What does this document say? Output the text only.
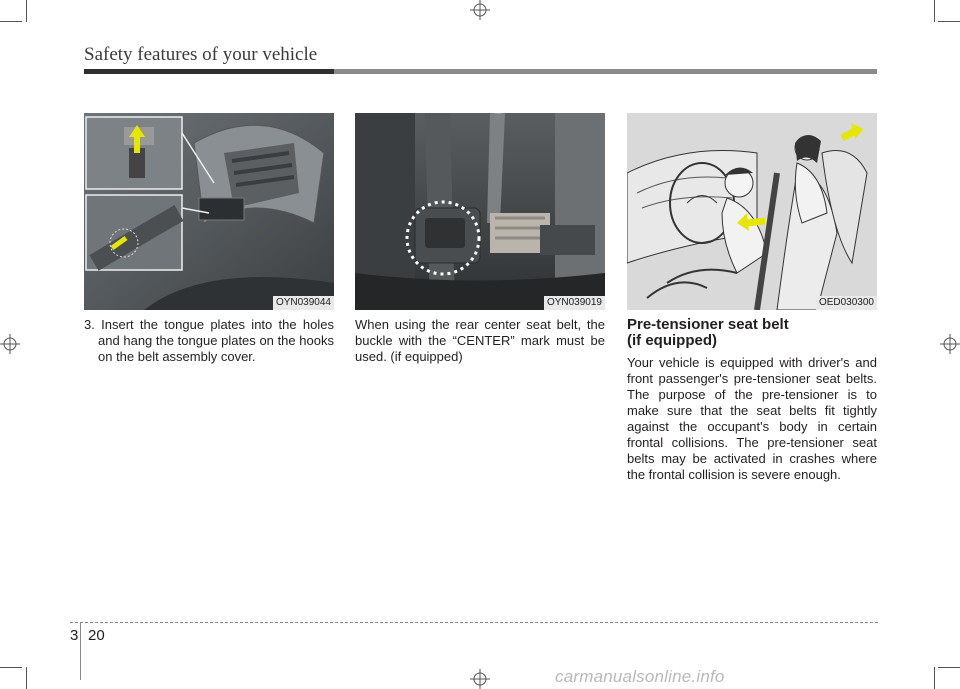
Safety features of your vehicle
OYN039044	OYN039019	OED030300

3. Insert the tongue plates into the holes and hang the tongue plates on the hooks on the belt assembly cover.

When using the rear center seat belt, the buckle with the “CENTER” mark must be used. (if equipped)

Pre-tensioner seat belt
(if equipped)

Your vehicle is equipped with driver's and front passenger's pre-tensioner seat belts. The purpose of the pre-tensioner is to make sure that the seat belts fit tightly against the occupant's body in certain frontal collisions. The pre-tensioner seat belts may be activated in crashes where the frontal collision is severe enough.

3 20
carmanualsonline.info
